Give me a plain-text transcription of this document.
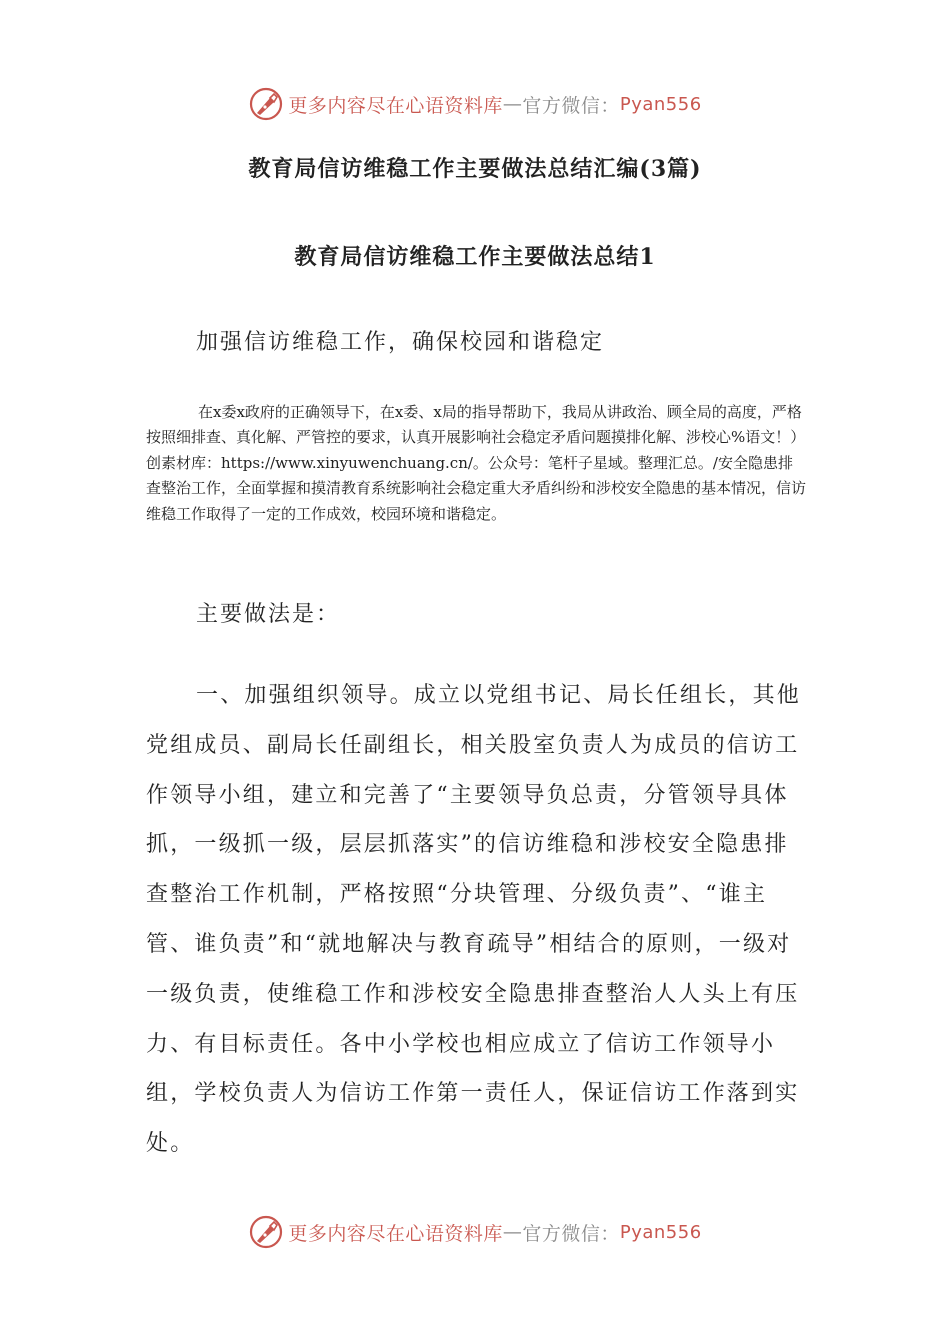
更多内容尽在心语资料库 — 官方微信： Pyan556
教育局信访维稳工作主要做法总结汇编(3篇)
教育局信访维稳工作主要做法总结1
加强信访维稳工作，确保校园和谐稳定
在x委x政府的正确领导下，在x委、x局的指导帮助下，我局从讲政治、顾全局的高度，严格按照细排查、真化解、严管控的要求，认真开展影响社会稳定矛盾问题摸排化解、涉校心%语文！）创素材库：https://www.xinyuwenchuang.cn/。公众号：笔杆子星域。整理汇总。/安全隐患排查整治工作，全面掌握和摸清教育系统影响社会稳定重大矛盾纠纷和涉校安全隐患的基本情况，信访维稳工作取得了一定的工作成效，校园环境和谐稳定。
主要做法是：
一、加强组织领导。成立以党组书记、局长任组长，其他党组成员、副局长任副组长，相关股室负责人为成员的信访工作领导小组，建立和完善了“主要领导负总责，分管领导具体抓，一级抓一级，层层抓落实”的信访维稳和涉校安全隐患排查整治工作机制，严格按照“分块管理、分级负责”、“谁主管、谁负责”和“就地解决与教育疏导”相结合的原则，一级对一级负责，使维稳工作和涉校安全隐患排查整治人人头上有压力、有目标责任。各中小学校也相应成立了信访工作领导小组，学校负责人为信访工作第一责任人，保证信访工作落到实处。
更多内容尽在心语资料库 — 官方微信： Pyan556
